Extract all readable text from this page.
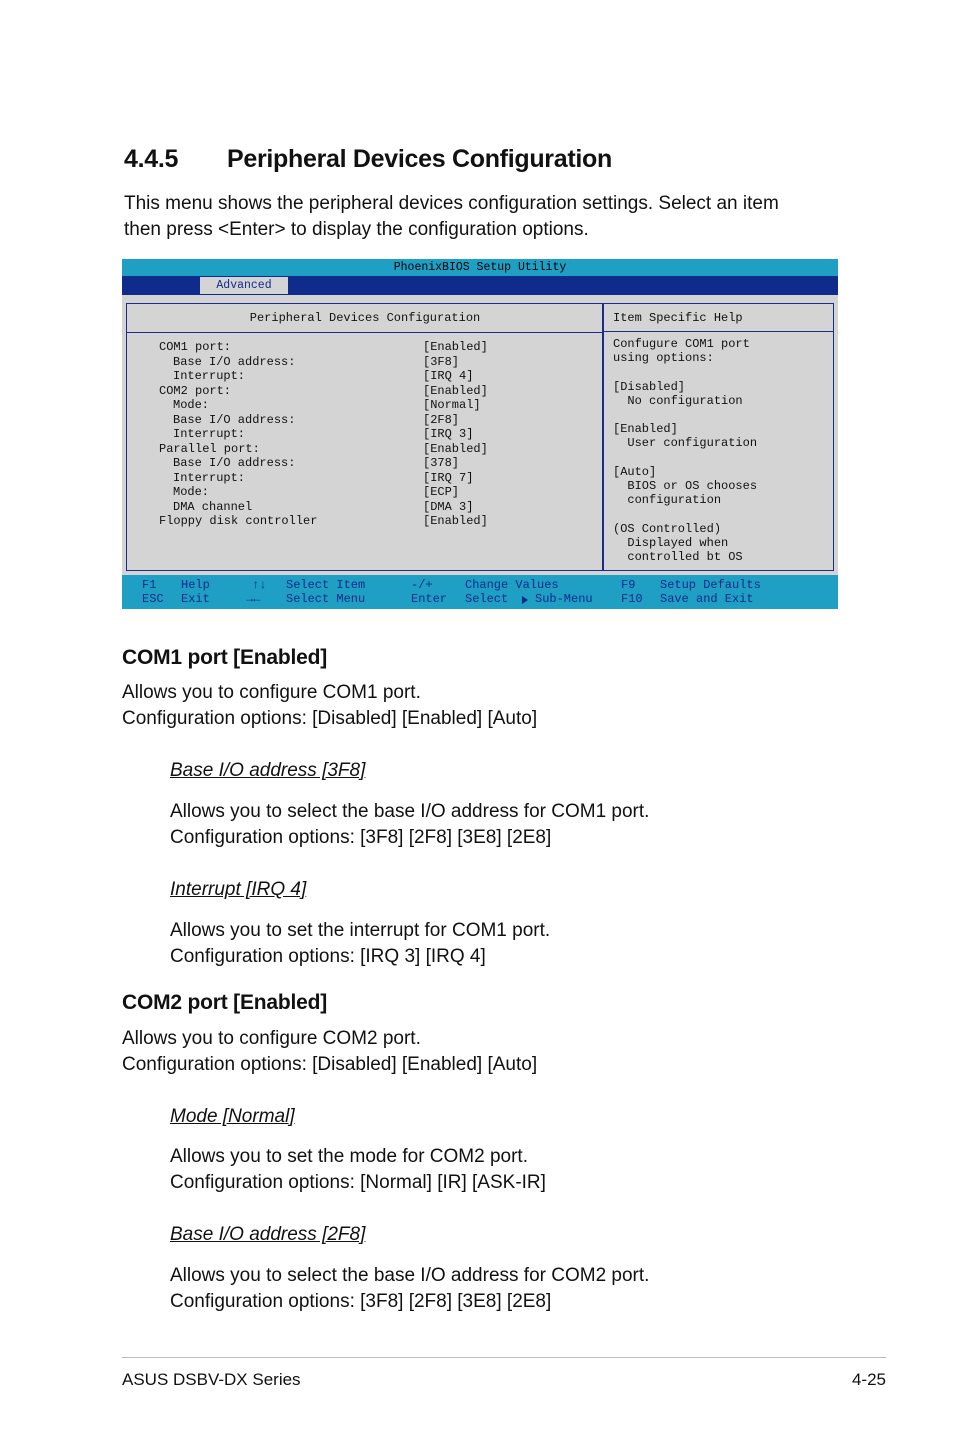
4.4.5 Peripheral Devices Configuration
This menu shows the peripheral devices configuration settings. Select an item
then press <Enter> to display the configuration options.
PhoenixBIOS Setup Utility
Advanced
Peripheral Devices Configuration
COM1 port:	[Enabled]
Base I/O address:	[3F8]
Interrupt:	[IRQ 4]
COM2 port:	[Enabled]
Mode:	[Normal]
Base I/O address:	[2F8]
Interrupt:	[IRQ 3]
Parallel port:	[Enabled]
Base I/O address:	[378]
Interrupt:	[IRQ 7]
Mode:	[ECP]
DMA channel	[DMA 3]
Floppy disk controller	[Enabled]
Item Specific Help
Confugure COM1 port
using options:

[Disabled]
No configuration

[Enabled]
User configuration

[Auto]
BIOS or OS chooses
configuration

(OS Controlled)
Displayed when
controlled bt OS
F1 Help
ESC Exit
↑↓ Select Item
→← Select Menu
-/+	Change Values
Enter Select Sub-Menu
F9 Setup Defaults
F10 Save and Exit
COM1 port [Enabled]
Allows you to configure COM1 port.
Configuration options: [Disabled] [Enabled] [Auto]
Base I/O address [3F8]
Allows you to select the base I/O address for COM1 port.
Configuration options: [3F8] [2F8] [3E8] [2E8]
Interrupt [IRQ 4]
Allows you to set the interrupt for COM1 port.
Configuration options: [IRQ 3] [IRQ 4]
COM2 port [Enabled]
Allows you to configure COM2 port.
Configuration options: [Disabled] [Enabled] [Auto]
Mode [Normal]
Allows you to set the mode for COM2 port.
Configuration options: [Normal] [IR] [ASK-IR]
Base I/O address [2F8]
Allows you to select the base I/O address for COM2 port.
Configuration options: [3F8] [2F8] [3E8] [2E8]
ASUS DSBV-DX Series	4-25
